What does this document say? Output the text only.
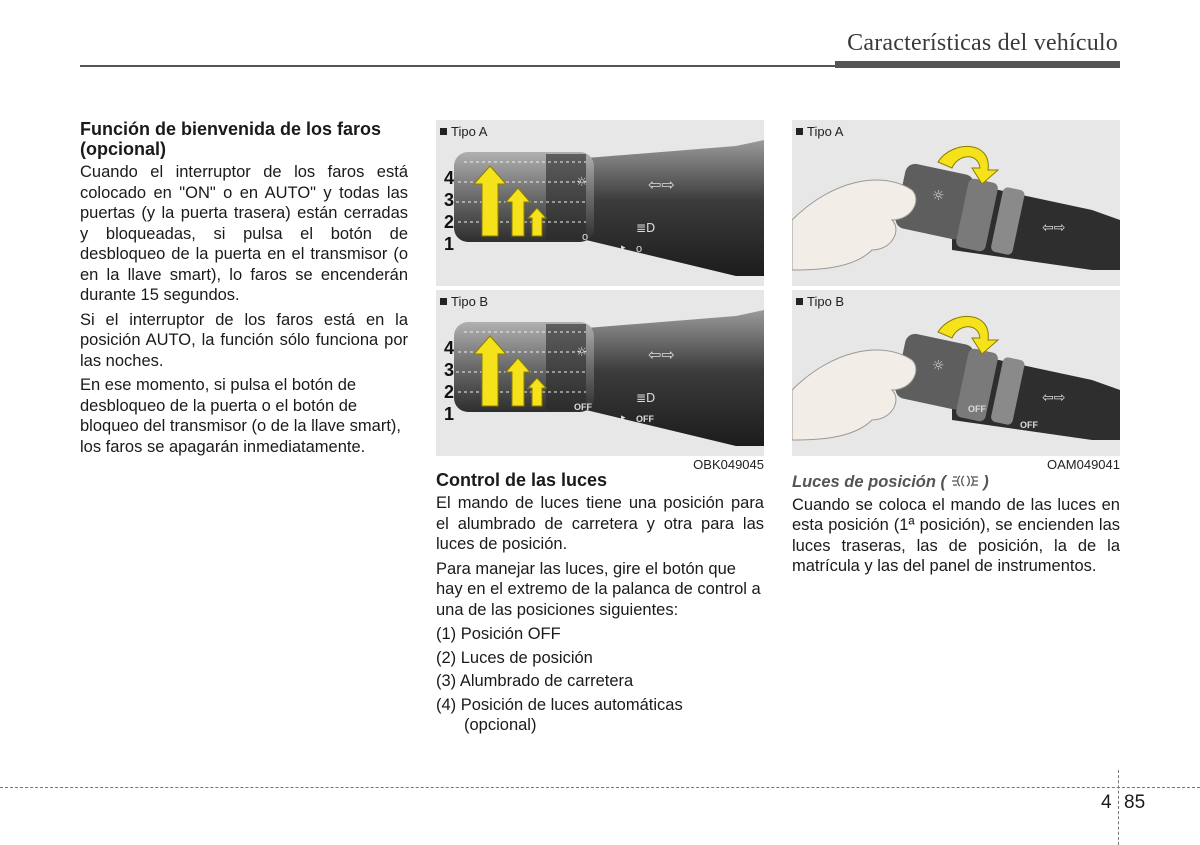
Características del vehículo
Función de bienvenida de los faros (opcional)

Cuando el interruptor de los faros está colocado en "ON" o en AUTO" y todas las puertas (y la puerta trasera) están cerradas y bloqueadas, si pulsa el botón de desbloqueo de la puerta en el transmisor (o en la llave smart), lo faros se encenderán durante 15 segundos.

Si el interruptor de los faros está en la posición AUTO, la función sólo funciona por las noches.

En ese momento, si pulsa el botón de desbloqueo de la puerta o el botón de bloqueo del transmisor (o de la llave smart), los faros se apagarán inmediatamente.

Tipo A
☼	⇦⇨
≣D
▸ o
o
4
3
2
1
Tipo B
☼	⇦⇨
≣D
▸ OFF
OFF
4
3
2
1
OBK049045
Tipo A
☼
⇦⇨
Tipo B
☼
⇦⇨
OFF
OFF
OAM049041
Control de las luces

El mando de luces tiene una posición para el alumbrado de carretera y otra para las luces de posición.

Para manejar las luces, gire el botón que hay en el extremo de la palanca de control a una de las posiciones siguientes:

(1) Posición OFF
(2) Luces de posición
(3) Alumbrado de carretera
(4) Posición de luces automáticas
(opcional)
Luces de posición ( )

Cuando se coloca el mando de las luces en esta posición (1ª posición), se encienden las luces traseras, las de posición, la de la matrícula y las del panel de instrumentos.

4 85
